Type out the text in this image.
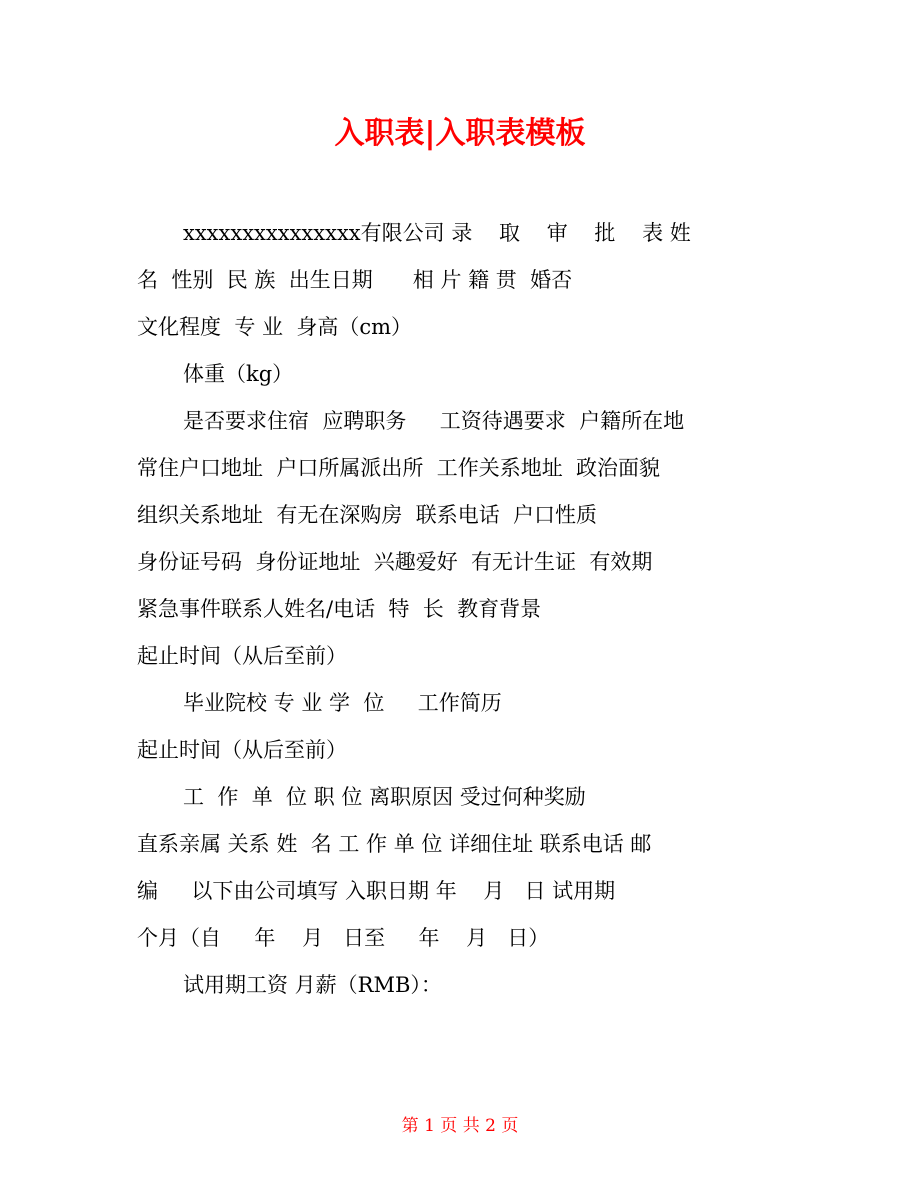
入职表|入职表模板
xxxxxxxxxxxxxxx有限公司 录    取    审    批    表 姓
名  性别  民 族  出生日期      相 片 籍 贯  婚否
文化程度  专 业  身高（cm）
体重（kg）
是否要求住宿  应聘职务     工资待遇要求  户籍所在地
常住户口地址  户口所属派出所  工作关系地址  政治面貌
组织关系地址  有无在深购房  联系电话  户口性质
身份证号码  身份证地址  兴趣爱好  有无计生证  有效期
紧急事件联系人姓名/电话  特  长  教育背景
起止时间（从后至前）
毕业院校 专 业 学  位     工作简历
起止时间（从后至前）
工  作  单  位 职 位 离职原因 受过何种奖励
直系亲属 关系 姓  名 工 作 单 位 详细住址 联系电话 邮
编     以下由公司填写 入职日期 年    月   日 试用期
个月（自     年    月   日至     年    月   日）
试用期工资 月薪（RMB）：
第 1 页 共 2 页
